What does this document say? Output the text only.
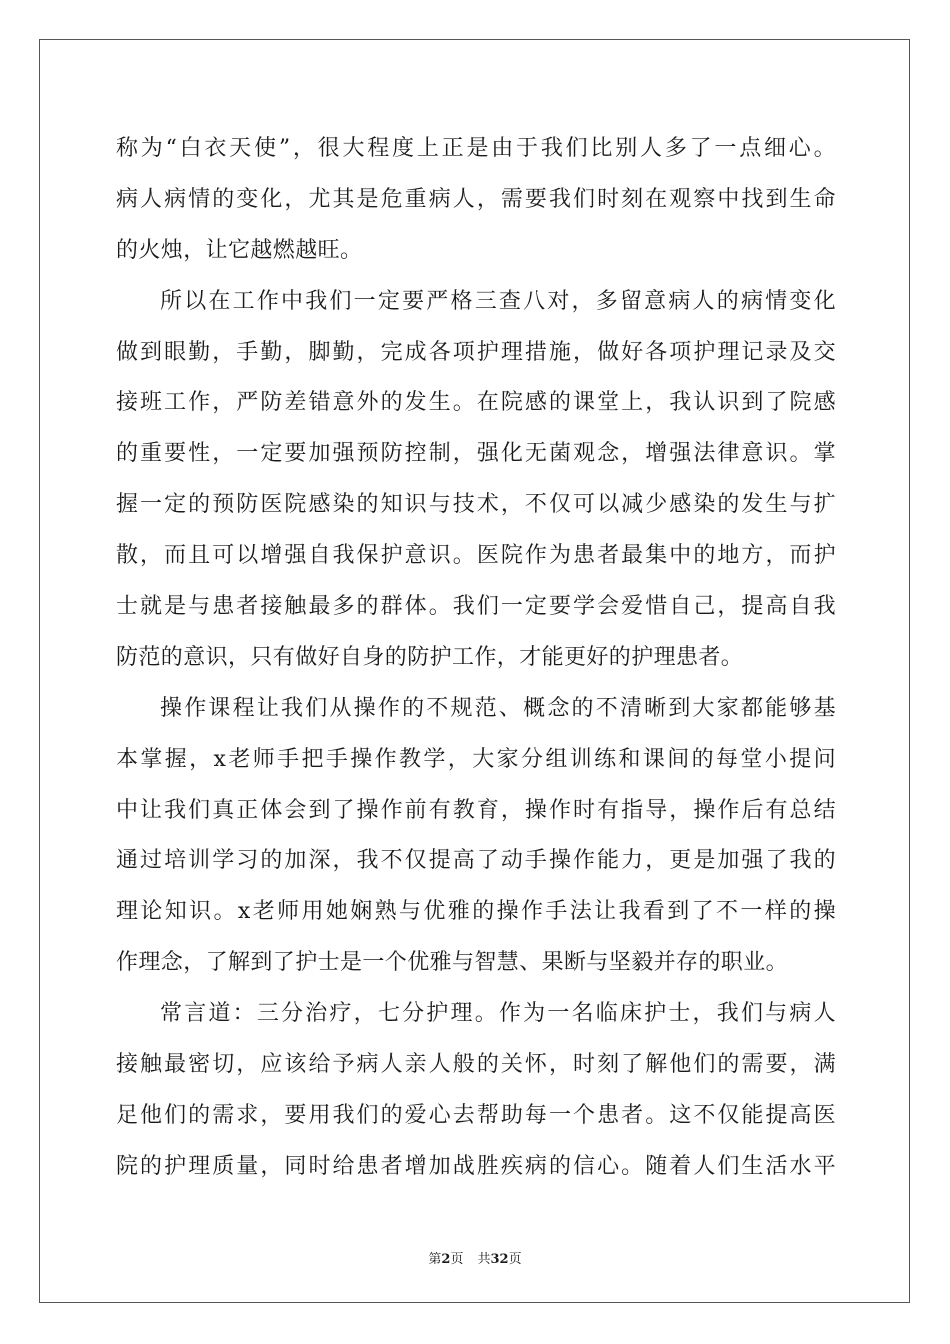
称为“白衣天使”，很大程度上正是由于我们比别人多了一点细心。
病人病情的变化，尤其是危重病人，需要我们时刻在观察中找到生命
的火烛，让它越燃越旺。
所以在工作中我们一定要严格三查八对，多留意病人的病情变化
做到眼勤，手勤，脚勤，完成各项护理措施，做好各项护理记录及交
接班工作，严防差错意外的发生。在院感的课堂上，我认识到了院感
的重要性，一定要加强预防控制，强化无菌观念，增强法律意识。掌
握一定的预防医院感染的知识与技术，不仅可以减少感染的发生与扩
散，而且可以增强自我保护意识。医院作为患者最集中的地方，而护
士就是与患者接触最多的群体。我们一定要学会爱惜自己，提高自我
防范的意识，只有做好自身的防护工作，才能更好的护理患者。
操作课程让我们从操作的不规范、概念的不清晰到大家都能够基
本掌握，x老师手把手操作教学，大家分组训练和课间的每堂小提问
中让我们真正体会到了操作前有教育，操作时有指导，操作后有总结
通过培训学习的加深，我不仅提高了动手操作能力，更是加强了我的
理论知识。x老师用她娴熟与优雅的操作手法让我看到了不一样的操
作理念，了解到了护士是一个优雅与智慧、果断与坚毅并存的职业。
常言道：三分治疗，七分护理。作为一名临床护士，我们与病人
接触最密切，应该给予病人亲人般的关怀，时刻了解他们的需要，满
足他们的需求，要用我们的爱心去帮助每一个患者。这不仅能提高医
院的护理质量，同时给患者增加战胜疾病的信心。随着人们生活水平
第2页 共32页
